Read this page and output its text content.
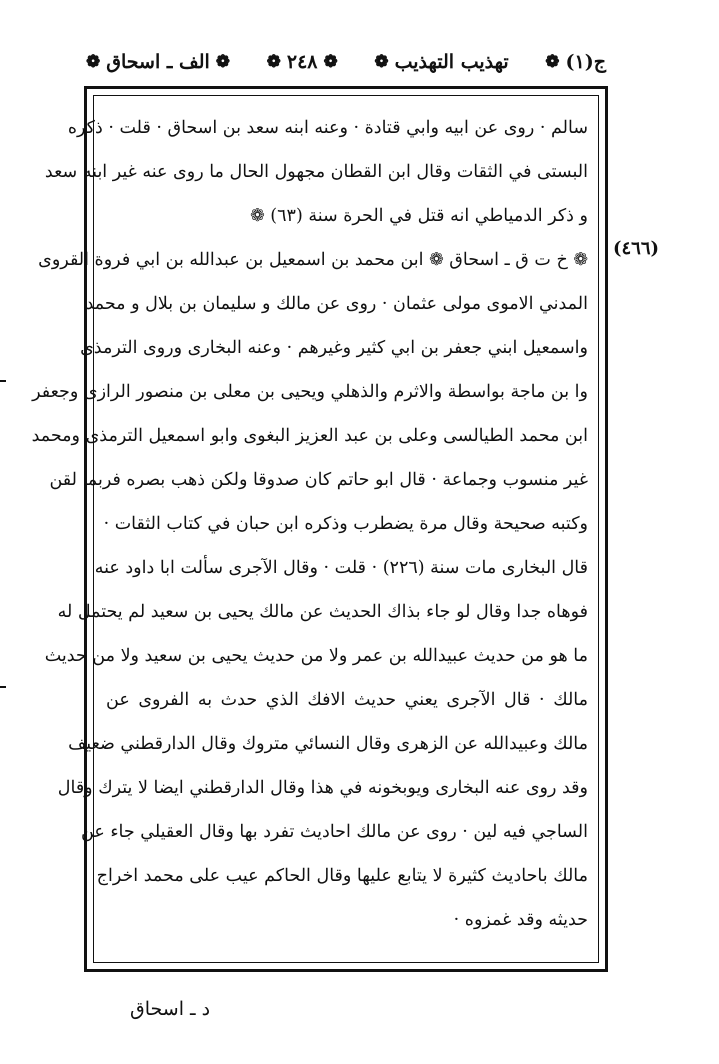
ج(١)
❁
تهذيب التهذيب
❁
❁
٢٤٨
❁
❁
الف ـ اسحاق
❁
سالم · روى عن ابيه وابي قتادة · وعنه ابنه سعد بن اسحاق · قلت · ذكره
البستى في الثقات وقال ابن القطان مجهول الحال ما روى عنه غير ابنه سعد
و ذكر الدمياطي انه قتل في الحرة سنة (٦٣) ❁
❁ خ ت ق ـ اسحاق ❁ ابن محمد بن اسمعيل بن عبدالله بن ابي فروة القروى
المدني الاموى مولى عثمان · روى عن مالك و سليمان بن بلال و محمد
واسمعيل ابني جعفر بن ابي كثير وغيرهم · وعنه البخارى وروى الترمذى
وا بن ماجة بواسطة والاثرم والذهلي ويحيى بن معلى بن منصور الرازى وجعفر
ابن محمد الطيالسى وعلى بن عبد العزيز البغوى وابو اسمعيل الترمذى ومحمد
غير منسوب وجماعة · قال ابو حاتم كان صدوقا ولكن ذهب بصره فربما لقن
وكتبه صحيحة وقال مرة يضطرب وذكره ابن حبان في كتاب الثقات ·
قال البخارى مات سنة (٢٢٦) · قلت · وقال الآجرى سألت ابا داود عنه
فوهاه جدا وقال لو جاء بذاك الحديث عن مالك يحيى بن سعيد لم يحتمل له
ما هو من حديث عبيدالله بن عمر ولا من حديث يحيى بن سعيد ولا من حديث
مالك · قال الآجرى يعني حديث الافك الذي حدث به الفروى عن
مالك وعبيدالله عن الزهرى وقال النسائي متروك وقال الدارقطني ضعيف
وقد روى عنه البخارى ويوبخونه في هذا وقال الدارقطني ايضا لا يترك وقال
الساجي فيه لين · روى عن مالك احاديث تفرد بها وقال العقيلي جاء عن
مالك باحاديث كثيرة لا يتابع عليها وقال الحاكم عيب على محمد اخراج
حديثه وقد غمزوه ·
(٤٦٦)
د ـ اسحاق
